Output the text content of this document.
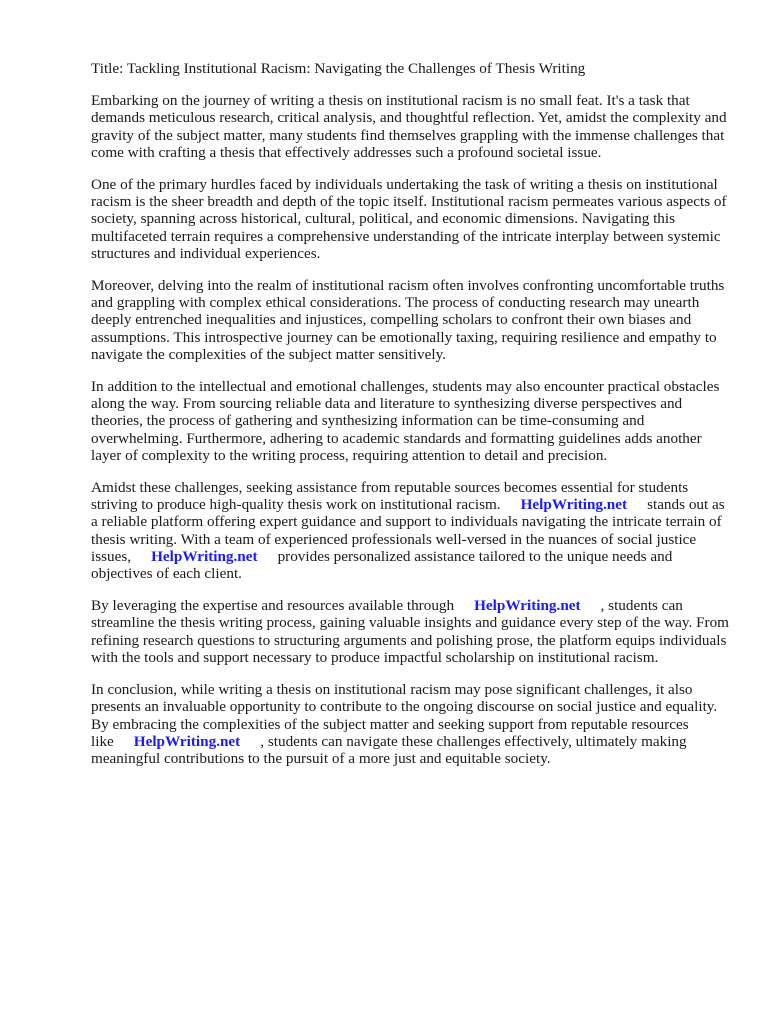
Title: Tackling Institutional Racism: Navigating the Challenges of Thesis Writing

Embarking on the journey of writing a thesis on institutional racism is no small feat. It's a task that demands meticulous research, critical analysis, and thoughtful reflection. Yet, amidst the complexity and gravity of the subject matter, many students find themselves grappling with the immense challenges that come with crafting a thesis that effectively addresses such a profound societal issue.

One of the primary hurdles faced by individuals undertaking the task of writing a thesis on institutional racism is the sheer breadth and depth of the topic itself. Institutional racism permeates various aspects of society, spanning across historical, cultural, political, and economic dimensions. Navigating this multifaceted terrain requires a comprehensive understanding of the intricate interplay between systemic structures and individual experiences.

Moreover, delving into the realm of institutional racism often involves confronting uncomfortable truths and grappling with complex ethical considerations. The process of conducting research may unearth deeply entrenched inequalities and injustices, compelling scholars to confront their own biases and assumptions. This introspective journey can be emotionally taxing, requiring resilience and empathy to navigate the complexities of the subject matter sensitively.

In addition to the intellectual and emotional challenges, students may also encounter practical obstacles along the way. From sourcing reliable data and literature to synthesizing diverse perspectives and theories, the process of gathering and synthesizing information can be time-consuming and overwhelming. Furthermore, adhering to academic standards and formatting guidelines adds another layer of complexity to the writing process, requiring attention to detail and precision.

Amidst these challenges, seeking assistance from reputable sources becomes essential for students striving to produce high-quality thesis work on institutional racism. HelpWriting.net stands out as a reliable platform offering expert guidance and support to individuals navigating the intricate terrain of thesis writing. With a team of experienced professionals well-versed in the nuances of social justice issues, HelpWriting.net provides personalized assistance tailored to the unique needs and objectives of each client.

By leveraging the expertise and resources available through HelpWriting.net , students can streamline the thesis writing process, gaining valuable insights and guidance every step of the way. From refining research questions to structuring arguments and polishing prose, the platform equips individuals with the tools and support necessary to produce impactful scholarship on institutional racism.

In conclusion, while writing a thesis on institutional racism may pose significant challenges, it also presents an invaluable opportunity to contribute to the ongoing discourse on social justice and equality. By embracing the complexities of the subject matter and seeking support from reputable resources like HelpWriting.net , students can navigate these challenges effectively, ultimately making meaningful contributions to the pursuit of a more just and equitable society.
